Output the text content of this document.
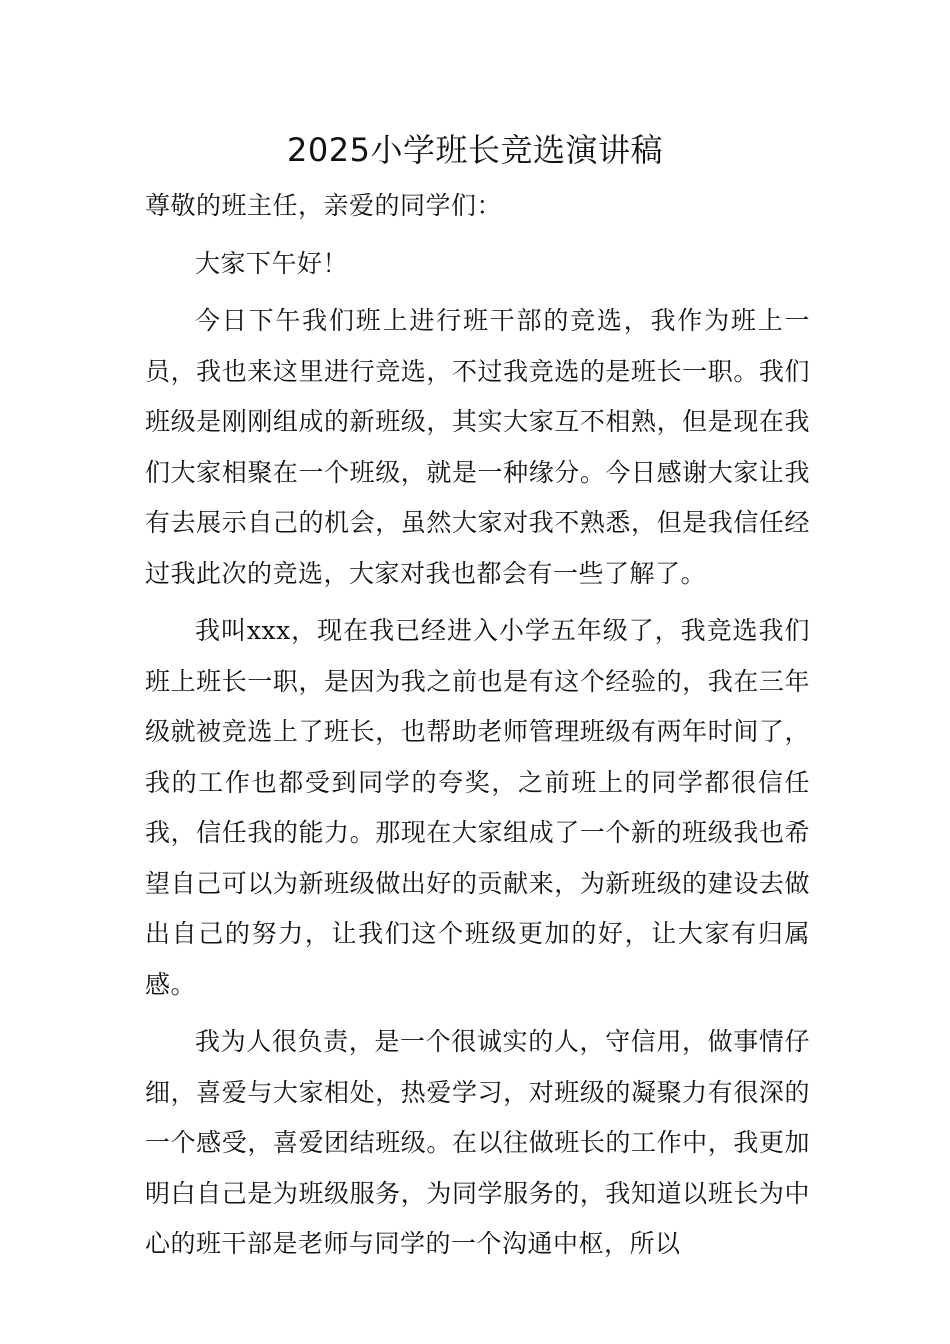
2025小学班长竞选演讲稿

尊敬的班主任，亲爱的同学们：

大家下午好！

今日下午我们班上进行班干部的竞选，我作为班上一员，我也来这里进行竞选，不过我竞选的是班长一职。我们班级是刚刚组成的新班级，其实大家互不相熟，但是现在我们大家相聚在一个班级，就是一种缘分。今日感谢大家让我有去展示自己的机会，虽然大家对我不熟悉，但是我信任经过我此次的竞选，大家对我也都会有一些了解了。

我叫xxx，现在我已经进入小学五年级了，我竞选我们班上班长一职，是因为我之前也是有这个经验的，我在三年级就被竞选上了班长，也帮助老师管理班级有两年时间了，我的工作也都受到同学的夸奖，之前班上的同学都很信任我，信任我的能力。那现在大家组成了一个新的班级我也希望自己可以为新班级做出好的贡献来，为新班级的建设去做出自己的努力，让我们这个班级更加的好，让大家有归属感。

我为人很负责，是一个很诚实的人，守信用，做事情仔细，喜爱与大家相处，热爱学习，对班级的凝聚力有很深的一个感受，喜爱团结班级。在以往做班长的工作中，我更加明白自己是为班级服务，为同学服务的，我知道以班长为中心的班干部是老师与同学的一个沟通中枢，所以
